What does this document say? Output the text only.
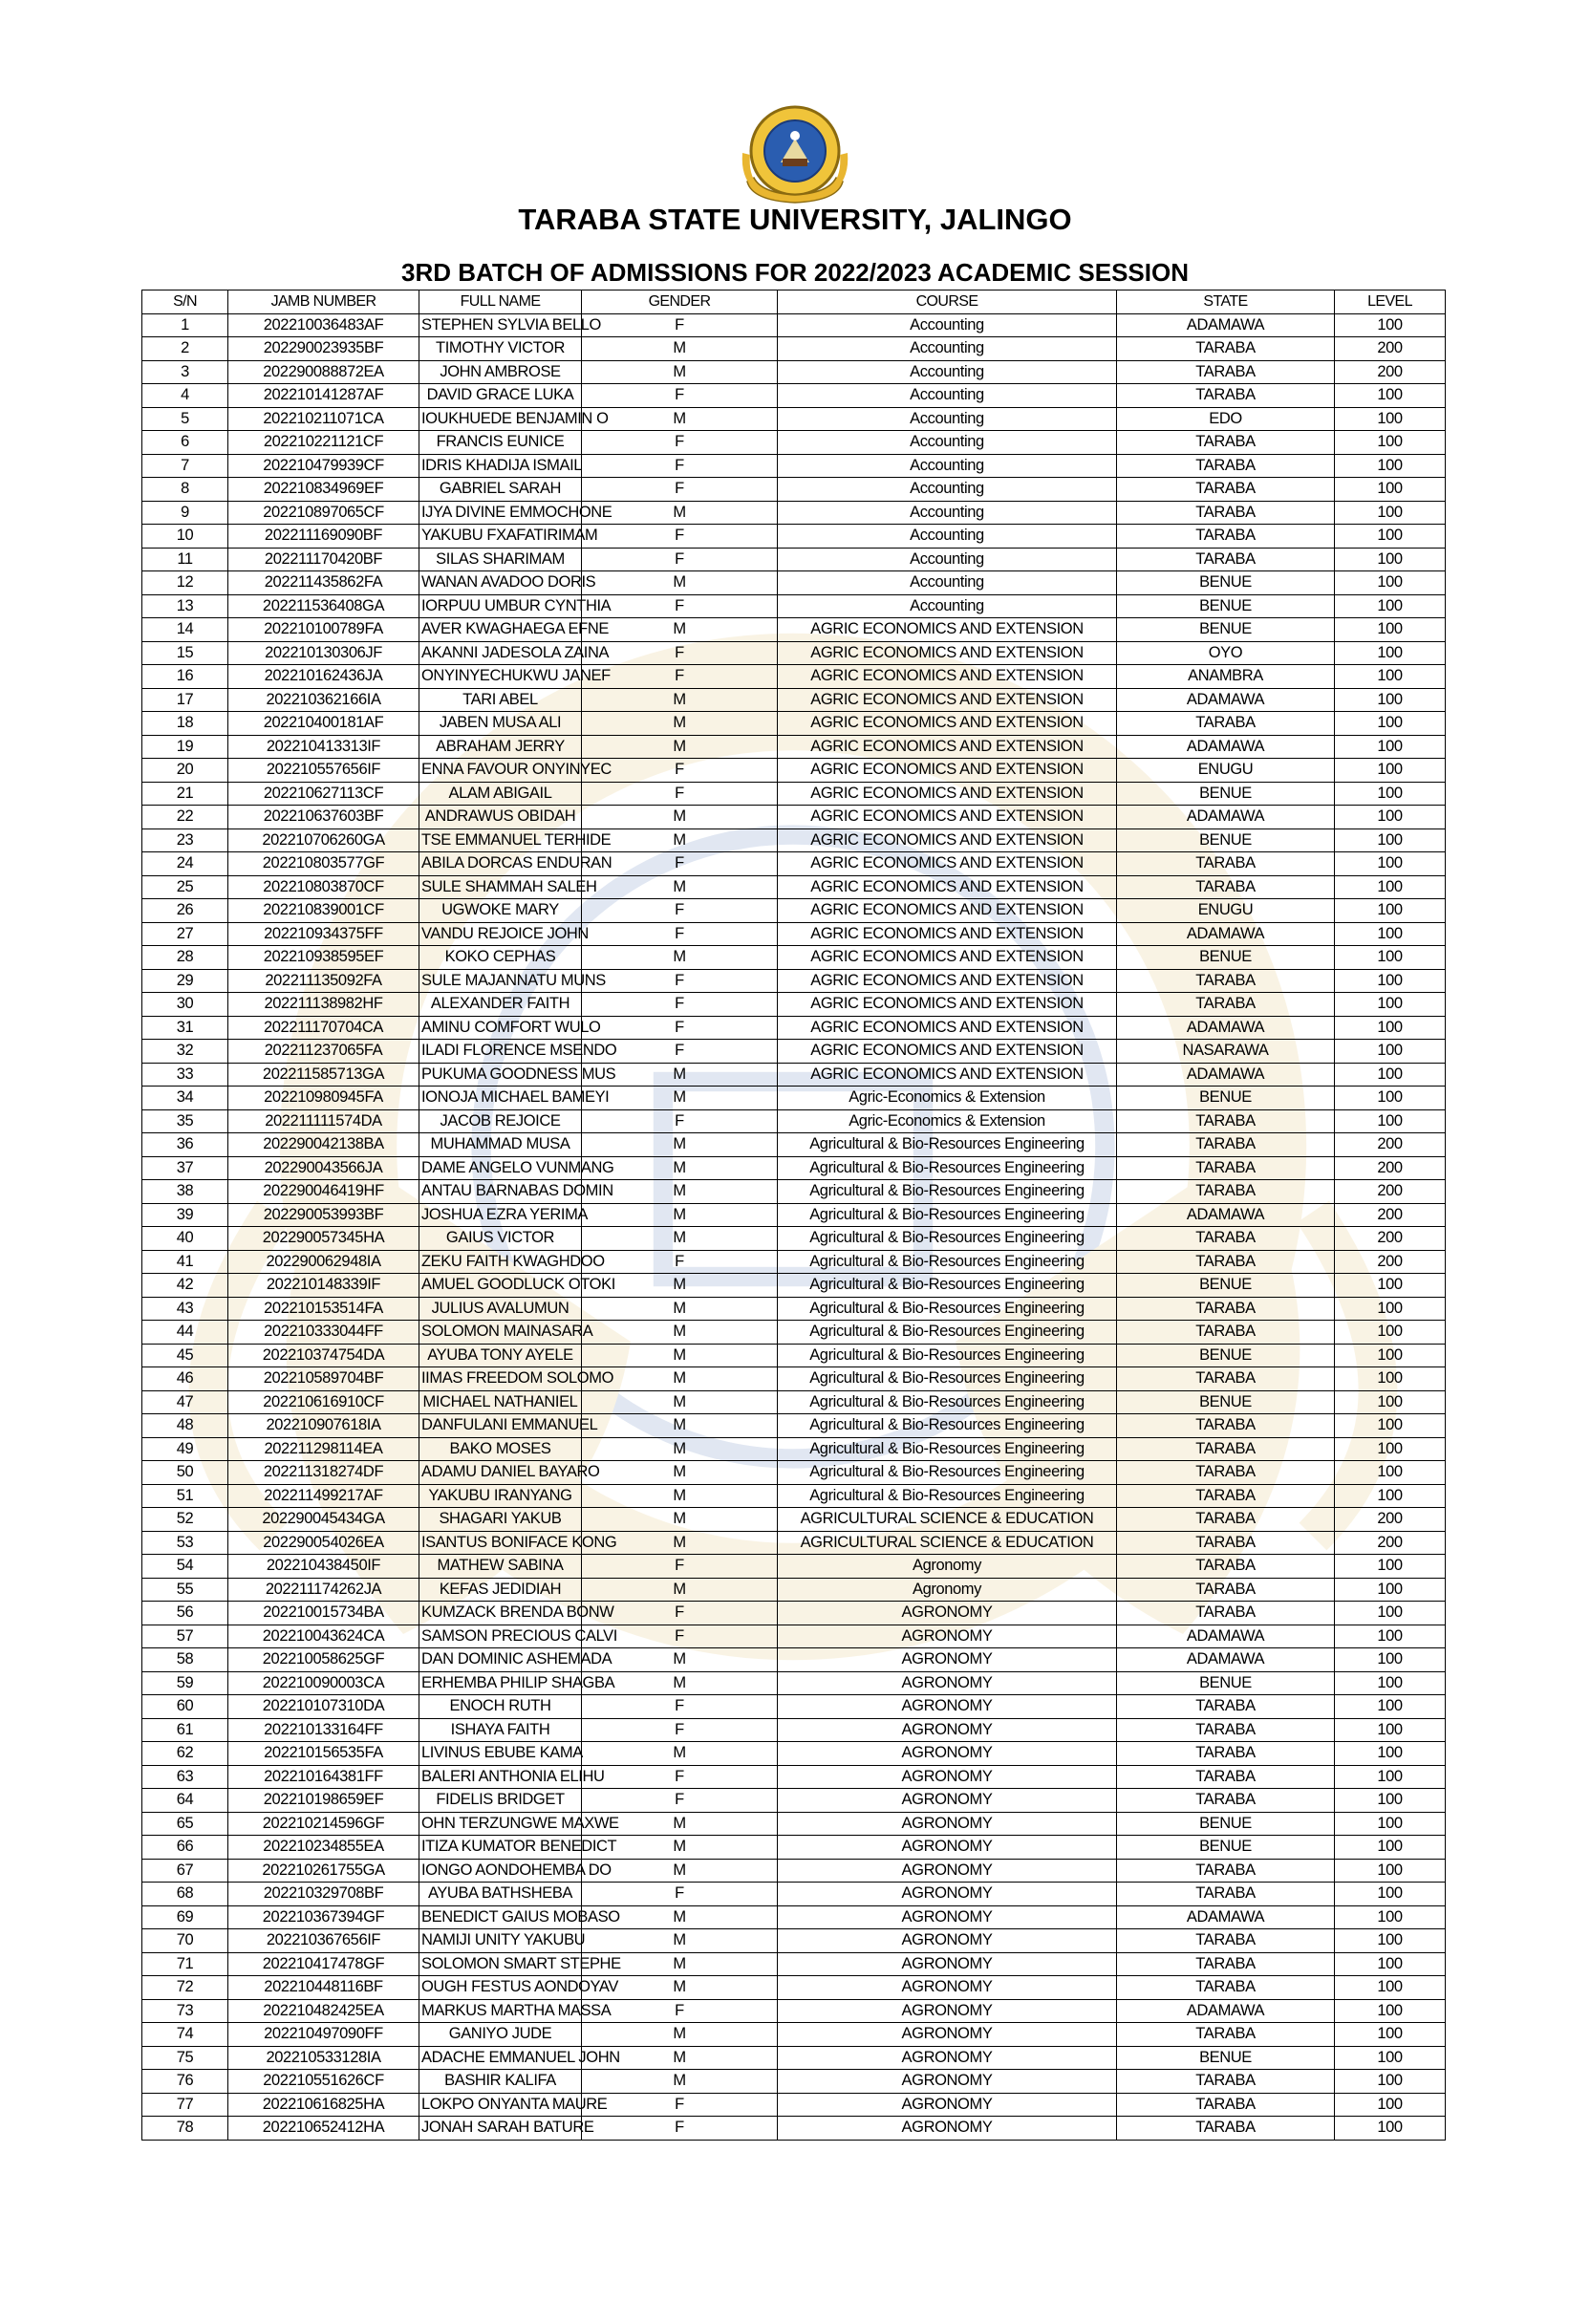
TARABA STATE UNIVERSITY, JALINGO
3RD BATCH OF ADMISSIONS FOR 2022/2023 ACADEMIC SESSION
S/N	JAMB NUMBER	FULL NAME	GENDER	COURSE	STATE	LEVEL
1	202210036483AF	STEPHEN SYLVIA BELLO	F	Accounting	ADAMAWA	100
2	202290023935BF	TIMOTHY VICTOR	M	Accounting	TARABA	200
3	202290088872EA	JOHN AMBROSE	M	Accounting	TARABA	200
4	202210141287AF	DAVID GRACE LUKA	F	Accounting	TARABA	100
5	202210211071CA	IOUKHUEDE BENJAMIN O	M	Accounting	EDO	100
6	202210221121CF	FRANCIS EUNICE	F	Accounting	TARABA	100
7	202210479939CF	IDRIS KHADIJA ISMAIL	F	Accounting	TARABA	100
8	202210834969EF	GABRIEL SARAH	F	Accounting	TARABA	100
9	202210897065CF	IJYA DIVINE EMMOCHONE	M	Accounting	TARABA	100
10	202211169090BF	YAKUBU FXAFATIRIMAM	F	Accounting	TARABA	100
11	202211170420BF	SILAS SHARIMAM	F	Accounting	TARABA	100
12	202211435862FA	WANAN AVADOO DORIS	M	Accounting	BENUE	100
13	202211536408GA	IORPUU UMBUR CYNTHIA	F	Accounting	BENUE	100
14	202210100789FA	AVER KWAGHAEGA EFNE	M	AGRIC ECONOMICS AND EXTENSION	BENUE	100
15	202210130306JF	AKANNI JADESOLA ZAINA	F	AGRIC ECONOMICS AND EXTENSION	OYO	100
16	202210162436JA	ONYINYECHUKWU JANEF	F	AGRIC ECONOMICS AND EXTENSION	ANAMBRA	100
17	202210362166IA	TARI ABEL	M	AGRIC ECONOMICS AND EXTENSION	ADAMAWA	100
18	202210400181AF	JABEN MUSA ALI	M	AGRIC ECONOMICS AND EXTENSION	TARABA	100
19	202210413313IF	ABRAHAM JERRY	M	AGRIC ECONOMICS AND EXTENSION	ADAMAWA	100
20	202210557656IF	ENNA FAVOUR ONYINYEC	F	AGRIC ECONOMICS AND EXTENSION	ENUGU	100
21	202210627113CF	ALAM ABIGAIL	F	AGRIC ECONOMICS AND EXTENSION	BENUE	100
22	202210637603BF	ANDRAWUS OBIDAH	M	AGRIC ECONOMICS AND EXTENSION	ADAMAWA	100
23	202210706260GA	TSE EMMANUEL TERHIDE	M	AGRIC ECONOMICS AND EXTENSION	BENUE	100
24	202210803577GF	ABILA DORCAS ENDURAN	F	AGRIC ECONOMICS AND EXTENSION	TARABA	100
25	202210803870CF	SULE SHAMMAH SALEH	M	AGRIC ECONOMICS AND EXTENSION	TARABA	100
26	202210839001CF	UGWOKE MARY	F	AGRIC ECONOMICS AND EXTENSION	ENUGU	100
27	202210934375FF	VANDU REJOICE JOHN	F	AGRIC ECONOMICS AND EXTENSION	ADAMAWA	100
28	202210938595EF	KOKO CEPHAS	M	AGRIC ECONOMICS AND EXTENSION	BENUE	100
29	202211135092FA	SULE MAJANNATU MUNS	F	AGRIC ECONOMICS AND EXTENSION	TARABA	100
30	202211138982HF	ALEXANDER FAITH	F	AGRIC ECONOMICS AND EXTENSION	TARABA	100
31	202211170704CA	AMINU COMFORT WULO	F	AGRIC ECONOMICS AND EXTENSION	ADAMAWA	100
32	202211237065FA	ILADI FLORENCE MSENDO	F	AGRIC ECONOMICS AND EXTENSION	NASARAWA	100
33	202211585713GA	PUKUMA GOODNESS MUS	M	AGRIC ECONOMICS AND EXTENSION	ADAMAWA	100
34	202210980945FA	IONOJA MICHAEL BAMEYI	M	Agric-Economics & Extension	BENUE	100
35	202211111574DA	JACOB REJOICE	F	Agric-Economics & Extension	TARABA	100
36	202290042138BA	MUHAMMAD MUSA	M	Agricultural & Bio-Resources Engineering	TARABA	200
37	202290043566JA	DAME ANGELO VUNMANG	M	Agricultural & Bio-Resources Engineering	TARABA	200
38	202290046419HF	ANTAU BARNABAS DOMIN	M	Agricultural & Bio-Resources Engineering	TARABA	200
39	202290053993BF	JOSHUA EZRA YERIMA	M	Agricultural & Bio-Resources Engineering	ADAMAWA	200
40	202290057345HA	GAIUS VICTOR	M	Agricultural & Bio-Resources Engineering	TARABA	200
41	202290062948IA	ZEKU FAITH KWAGHDOO	F	Agricultural & Bio-Resources Engineering	TARABA	200
42	202210148339IF	AMUEL GOODLUCK OTOKI	M	Agricultural & Bio-Resources Engineering	BENUE	100
43	202210153514FA	JULIUS AVALUMUN	M	Agricultural & Bio-Resources Engineering	TARABA	100
44	202210333044FF	SOLOMON MAINASARA	M	Agricultural & Bio-Resources Engineering	TARABA	100
45	202210374754DA	AYUBA TONY AYELE	M	Agricultural & Bio-Resources Engineering	BENUE	100
46	202210589704BF	IIMAS FREEDOM SOLOMO	M	Agricultural & Bio-Resources Engineering	TARABA	100
47	202210616910CF	MICHAEL NATHANIEL	M	Agricultural & Bio-Resources Engineering	BENUE	100
48	202210907618IA	DANFULANI EMMANUEL	M	Agricultural & Bio-Resources Engineering	TARABA	100
49	202211298114EA	BAKO MOSES	M	Agricultural & Bio-Resources Engineering	TARABA	100
50	202211318274DF	ADAMU DANIEL BAYARO	M	Agricultural & Bio-Resources Engineering	TARABA	100
51	202211499217AF	YAKUBU IRANYANG	M	Agricultural & Bio-Resources Engineering	TARABA	100
52	202290045434GA	SHAGARI YAKUB	M	AGRICULTURAL SCIENCE & EDUCATION	TARABA	200
53	202290054026EA	ISANTUS BONIFACE KONG	M	AGRICULTURAL SCIENCE & EDUCATION	TARABA	200
54	202210438450IF	MATHEW SABINA	F	Agronomy	TARABA	100
55	202211174262JA	KEFAS JEDIDIAH	M	Agronomy	TARABA	100
56	202210015734BA	KUMZACK BRENDA BONW	F	AGRONOMY	TARABA	100
57	202210043624CA	SAMSON PRECIOUS CALVI	F	AGRONOMY	ADAMAWA	100
58	202210058625GF	DAN DOMINIC ASHEMADA	M	AGRONOMY	ADAMAWA	100
59	202210090003CA	ERHEMBA PHILIP SHAGBA	M	AGRONOMY	BENUE	100
60	202210107310DA	ENOCH RUTH	F	AGRONOMY	TARABA	100
61	202210133164FF	ISHAYA FAITH	F	AGRONOMY	TARABA	100
62	202210156535FA	LIVINUS EBUBE KAMA	M	AGRONOMY	TARABA	100
63	202210164381FF	BALERI ANTHONIA ELIHU	F	AGRONOMY	TARABA	100
64	202210198659EF	FIDELIS BRIDGET	F	AGRONOMY	TARABA	100
65	202210214596GF	OHN TERZUNGWE MAXWE	M	AGRONOMY	BENUE	100
66	202210234855EA	ITIZA KUMATOR BENEDICT	M	AGRONOMY	BENUE	100
67	202210261755GA	IONGO AONDOHEMBA DO	M	AGRONOMY	TARABA	100
68	202210329708BF	AYUBA BATHSHEBA	F	AGRONOMY	TARABA	100
69	202210367394GF	BENEDICT GAIUS MOBASO	M	AGRONOMY	ADAMAWA	100
70	202210367656IF	NAMIJI UNITY YAKUBU	M	AGRONOMY	TARABA	100
71	202210417478GF	SOLOMON SMART STEPHE	M	AGRONOMY	TARABA	100
72	202210448116BF	OUGH FESTUS AONDOYAV	M	AGRONOMY	TARABA	100
73	202210482425EA	MARKUS MARTHA MASSA	F	AGRONOMY	ADAMAWA	100
74	202210497090FF	GANIYO JUDE	M	AGRONOMY	TARABA	100
75	202210533128IA	ADACHE EMMANUEL JOHN	M	AGRONOMY	BENUE	100
76	202210551626CF	BASHIR KALIFA	M	AGRONOMY	TARABA	100
77	202210616825HA	LOKPO ONYANTA MAURE	F	AGRONOMY	TARABA	100
78	202210652412HA	JONAH SARAH BATURE	F	AGRONOMY	TARABA	100
